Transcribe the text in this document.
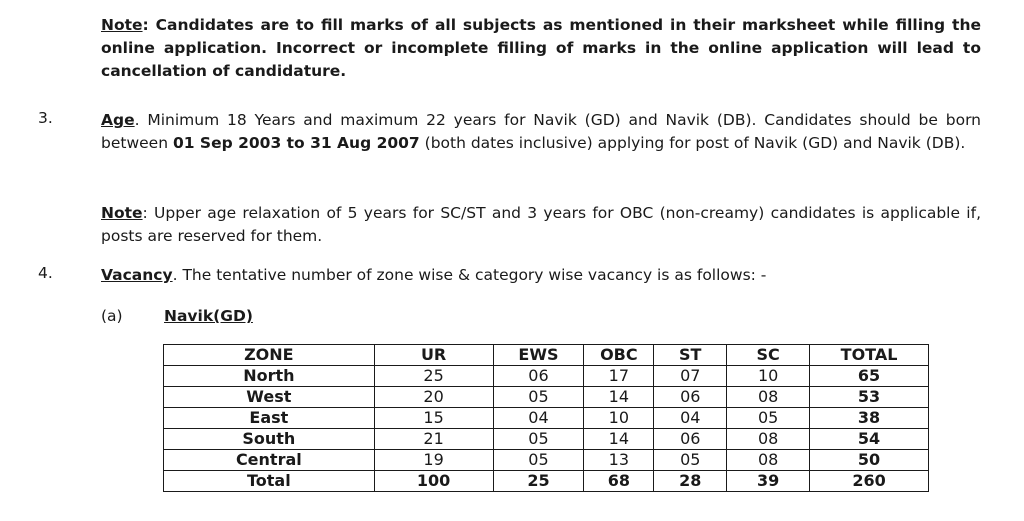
Note: Candidates are to fill marks of all subjects as mentioned in their marksheet while filling the online application. Incorrect or incomplete filling of marks in the online application will lead to cancellation of candidature.
3.	Age. Minimum 18 Years and maximum 22 years for Navik (GD) and Navik (DB). Candidates should be born between 01 Sep 2003 to 31 Aug 2007 (both dates inclusive) applying for post of Navik (GD) and Navik (DB).
Note: Upper age relaxation of 5 years for SC/ST and 3 years for OBC (non-creamy) candidates is applicable if, posts are reserved for them.
4.	Vacancy. The tentative number of zone wise & category wise vacancy is as follows: -
(a)	Navik(GD)
ZONE	UR	EWS	OBC	ST	SC	TOTAL
North	25	06	17	07	10	65
West	20	05	14	06	08	53
East	15	04	10	04	05	38
South	21	05	14	06	08	54
Central	19	05	13	05	08	50
Total	100	25	68	28	39	260
